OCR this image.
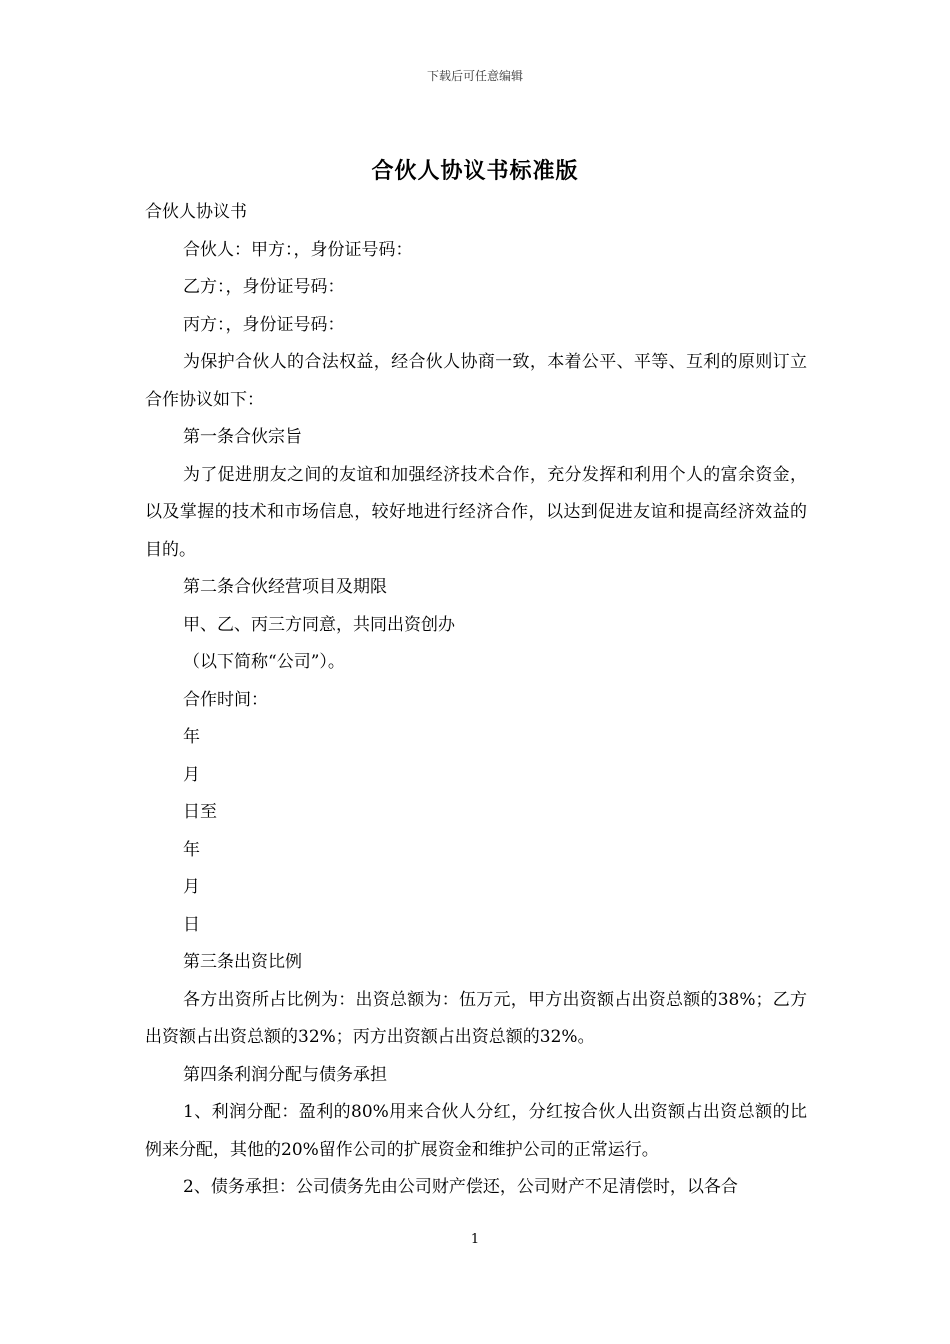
下载后可任意编辑
合伙人协议书标准版

合伙人协议书

合伙人：甲方：，身份证号码：

乙方：，身份证号码：

丙方：，身份证号码：

为保护合伙人的合法权益，经合伙人协商一致，本着公平、平等、互利的原则订立合作协议如下：

第一条合伙宗旨

为了促进朋友之间的友谊和加强经济技术合作，充分发挥和利用个人的富余资金，以及掌握的技术和市场信息，较好地进行经济合作，以达到促进友谊和提高经济效益的目的。

第二条合伙经营项目及期限

甲、乙、丙三方同意，共同出资创办

（以下简称“公司”）。

合作时间：

年

月

日至

年

月

日

第三条出资比例

各方出资所占比例为：出资总额为：伍万元，甲方出资额占出资总额的38%；乙方出资额占出资总额的32%；丙方出资额占出资总额的32%。

第四条利润分配与债务承担

1、利润分配：盈利的80%用来合伙人分红，分红按合伙人出资额占出资总额的比例来分配，其他的20%留作公司的扩展资金和维护公司的正常运行。

2、债务承担：公司债务先由公司财产偿还，公司财产不足清偿时，以各合

1
